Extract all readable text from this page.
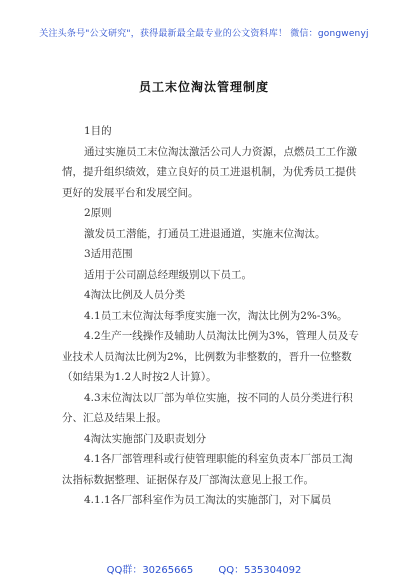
关注头条号"公文研究"，获得最新最全最专业的公文资料库！ 微信：gongwenyj
员工末位淘汰管理制度

1目的

通过实施员工末位淘汰激活公司人力资源，点燃员工工作激情，提升组织绩效，建立良好的员工进退机制，为优秀员工提供更好的发展平台和发展空间。

2原则

激发员工潜能，打通员工进退通道，实施末位淘汰。

3适用范围

适用于公司副总经理级别以下员工。

4淘汰比例及人员分类

4.1员工末位淘汰每季度实施一次，淘汰比例为2%-3%。

4.2生产一线操作及辅助人员淘汰比例为3%，管理人员及专业技术人员淘汰比例为2%，比例数为非整数的，晋升一位整数（如结果为1.2人时按2人计算）。

4.3末位淘汰以厂部为单位实施，按不同的人员分类进行积分、汇总及结果上报。

4淘汰实施部门及职责划分

4.1各厂部管理科或行使管理职能的科室负责本厂部员工淘汰指标数据整理、证据保存及厂部淘汰意见上报工作。

4.1.1各厂部科室作为员工淘汰的实施部门，对下属员

QQ群：30265665	QQ：535304092
